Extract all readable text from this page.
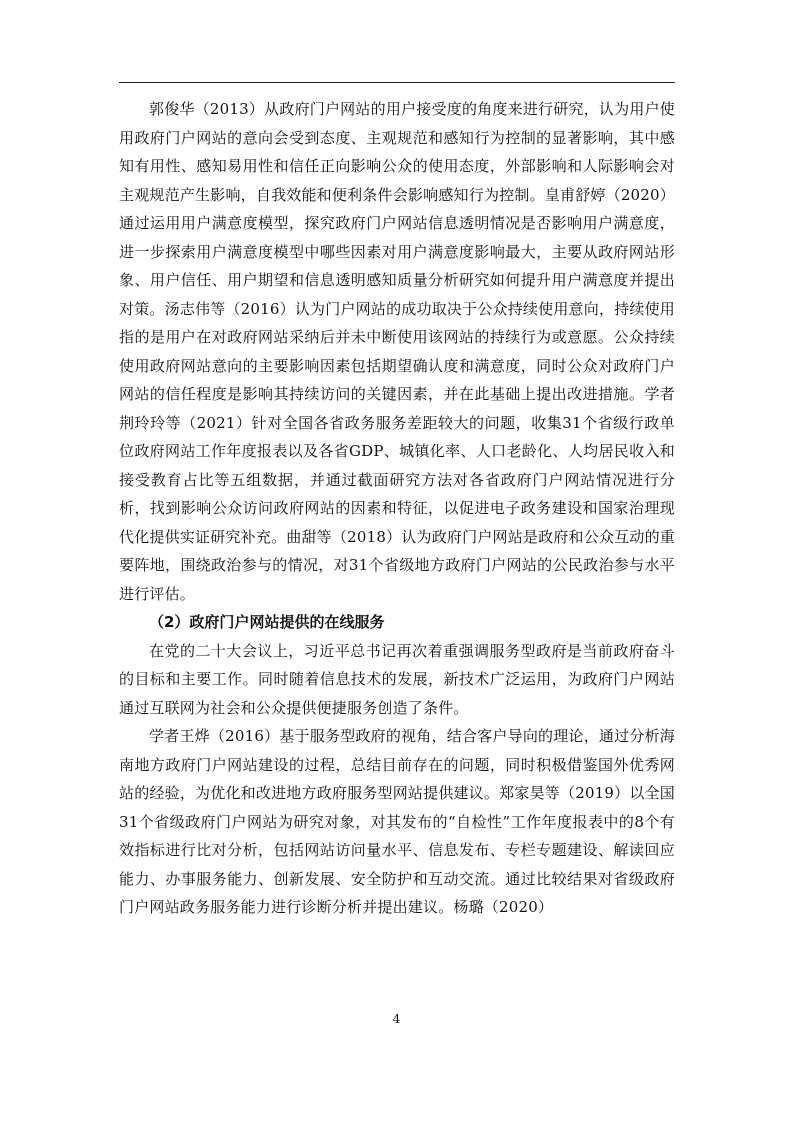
郭俊华（2013）从政府门户网站的用户接受度的角度来进行研究，认为用户使用政府门户网站的意向会受到态度、主观规范和感知行为控制的显著影响，其中感知有用性、感知易用性和信任正向影响公众的使用态度，外部影响和人际影响会对主观规范产生影响，自我效能和便利条件会影响感知行为控制。皇甫舒婷（2020）通过运用用户满意度模型，探究政府门户网站信息透明情况是否影响用户满意度，进一步探索用户满意度模型中哪些因素对用户满意度影响最大，主要从政府网站形象、用户信任、用户期望和信息透明感知质量分析研究如何提升用户满意度并提出对策。汤志伟等（2016）认为门户网站的成功取决于公众持续使用意向，持续使用指的是用户在对政府网站采纳后并未中断使用该网站的持续行为或意愿。公众持续使用政府网站意向的主要影响因素包括期望确认度和满意度，同时公众对政府门户网站的信任程度是影响其持续访问的关键因素，并在此基础上提出改进措施。学者荆玲玲等（2021）针对全国各省政务服务差距较大的问题，收集31个省级行政单位政府网站工作年度报表以及各省GDP、城镇化率、人口老龄化、人均居民收入和接受教育占比等五组数据，并通过截面研究方法对各省政府门户网站情况进行分析，找到影响公众访问政府网站的因素和特征，以促进电子政务建设和国家治理现代化提供实证研究补充。曲甜等（2018）认为政府门户网站是政府和公众互动的重要阵地，围绕政治参与的情况，对31个省级地方政府门户网站的公民政治参与水平进行评估。

（2）政府门户网站提供的在线服务

在党的二十大会议上，习近平总书记再次着重强调服务型政府是当前政府奋斗的目标和主要工作。同时随着信息技术的发展，新技术广泛运用，为政府门户网站通过互联网为社会和公众提供便捷服务创造了条件。

学者王烨（2016）基于服务型政府的视角，结合客户导向的理论，通过分析海南地方政府门户网站建设的过程，总结目前存在的问题，同时积极借鉴国外优秀网站的经验，为优化和改进地方政府服务型网站提供建议。郑家昊等（2019）以全国31个省级政府门户网站为研究对象，对其发布的“自检性”工作年度报表中的8个有效指标进行比对分析，包括网站访问量水平、信息发布、专栏专题建设、解读回应能力、办事服务能力、创新发展、安全防护和互动交流。通过比较结果对省级政府门户网站政务服务能力进行诊断分析并提出建议。杨璐（2020）

4
